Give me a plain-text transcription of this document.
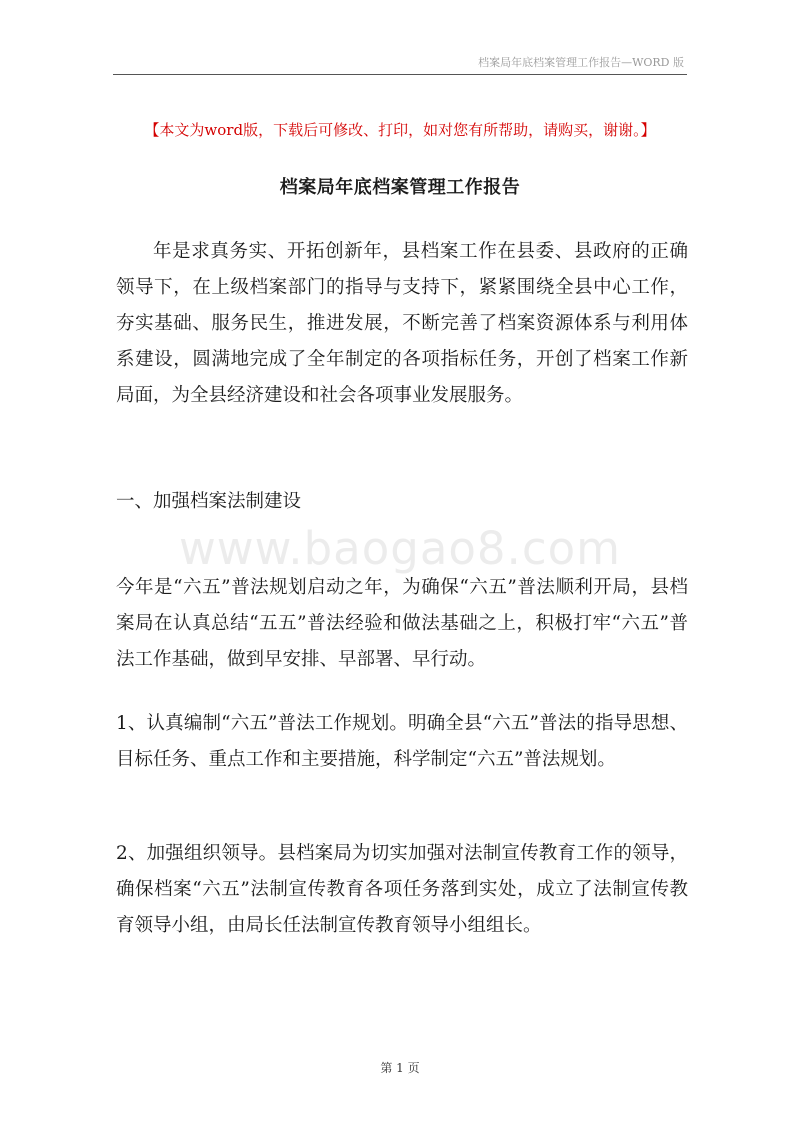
档案局年底档案管理工作报告—WORD 版
【本文为word版，下载后可修改、打印，如对您有所帮助，请购买，谢谢。】
档案局年底档案管理工作报告

年是求真务实、开拓创新年，县档案工作在县委、县政府的正确领导下，在上级档案部门的指导与支持下，紧紧围绕全县中心工作，夯实基础、服务民生，推进发展，不断完善了档案资源体系与利用体系建设，圆满地完成了全年制定的各项指标任务，开创了档案工作新局面，为全县经济建设和社会各项事业发展服务。

一、加强档案法制建设

www.baogao8.com

今年是“六五”普法规划启动之年，为确保“六五”普法顺利开局，县档案局在认真总结“五五”普法经验和做法基础之上，积极打牢“六五”普法工作基础，做到早安排、早部署、早行动。

1、认真编制“六五”普法工作规划。明确全县“六五”普法的指导思想、目标任务、重点工作和主要措施，科学制定“六五”普法规划。

2、加强组织领导。县档案局为切实加强对法制宣传教育工作的领导，确保档案“六五”法制宣传教育各项任务落到实处，成立了法制宣传教育领导小组，由局长任法制宣传教育领导小组组长。

第 1 页
